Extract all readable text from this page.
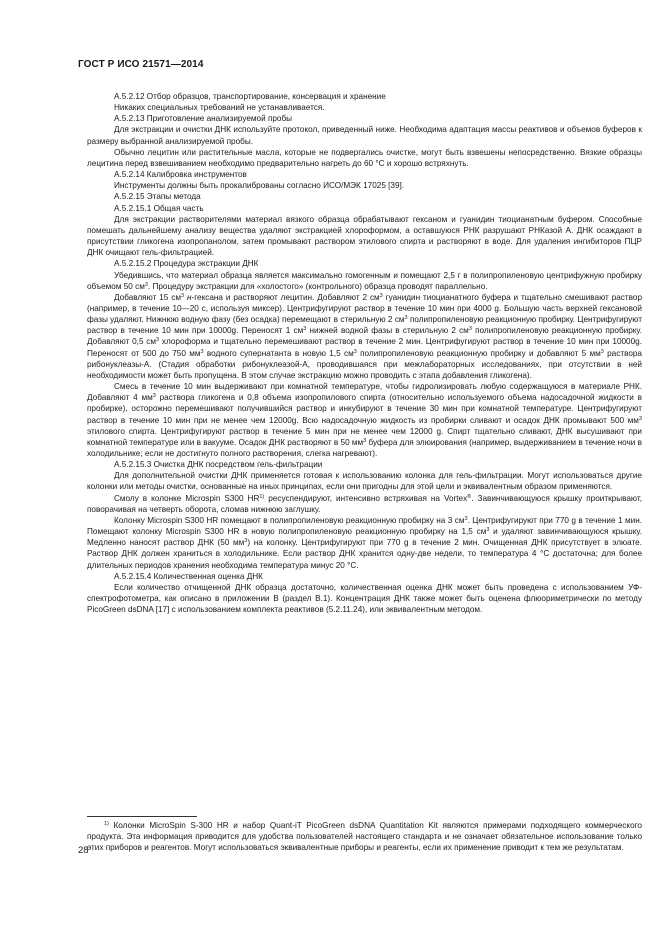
ГОСТ Р ИСО 21571—2014

А.5.2.12 Отбор образцов, транспортирование, консервация и хранение

Никаких специальных требований не устанавливается.

А.5.2.13 Приготовление анализируемой пробы

Для экстракции и очистки ДНК используйте протокол, приведенный ниже. Необходима адаптация массы реактивов и объемов буферов к размеру выбранной анализируемой пробы.

Обычно лецитин или растительные масла, которые не подвергались очистке, могут быть взвешены непосредственно. Вязкие образцы лецитина перед взвешиванием необходимо предварительно нагреть до 60 °С и хорошо встряхнуть.

А.5.2.14 Калибровка инструментов

Инструменты должны быть прокалиброваны согласно ИСО/МЭК 17025 [39].

А.5.2.15 Этапы метода

А.5.2.15.1 Общая часть

Для экстракции растворителями материал вязкого образца обрабатывают гексаном и гуанидин тиоцианатным буфером. Способные помешать дальнейшему анализу вещества удаляют экстракцией хлороформом, а оставшуюся РНК разрушают РНКазой А. ДНК осаждают в присутствии гликогена изопропанолом, затем промывают раствором этилового спирта и растворяют в воде. Для удаления ингибиторов ПЦР ДНК очищают гель-фильтрацией.

А.5.2.15.2 Процедура экстракции ДНК

Убедившись, что материал образца является максимально гомогенным и помещают 2,5 г в полипропиленовую центрифужную пробирку объемом 50 $см^3$. Процедуру экстракции для «холостого» (контрольного) образца проводят параллельно.

Добавляют 15 $см^3$ н-гексана и растворяют лецитин. Добавляют 2 $см^3$ гуанидин тиоцианатного буфера и тщательно смешивают раствор (например, в течение 10—20 с, используя миксер). Центрифугируют раствор в течение 10 мин при 4000 g. Большую часть верхней гексановой фазы удаляют. Нижнюю водную фазу (без осадка) перемещают в стерильную 2 $см^3$ полипропиленовую реакционную пробирку. Центрифугируют раствор в течение 10 мин при 10000g. Переносят 1 $см^3$ нижней водной фазы в стерильную 2 $см^3$ полипропиленовую реакционную пробирку. Добавляют 0,5 $см^3$ хлороформа и тщательно перемешивают раствор в течение 2 мин. Центрифугируют раствор в течение 10 мин при 10000g. Переносят от 500 до 750 $мм^3$ водного супернатанта в новую 1,5 $см^3$ полипропиленовую реакционную пробирку и добавляют 5 $мм^3$ раствора рибонуклеазы-А. (Стадия обработки рибонуклеазой-А, проводившаяся при межлабораторных исследованиях, при отсутствии в ней необходимости может быть пропущена. В этом случае экстракцию можно проводить с этапа добавления гликогена).

Смесь в течение 10 мин выдерживают при комнатной температуре, чтобы гидролизировать любую содержащуюся в материале РНК. Добавляют 4 $мм^3$ раствора гликогена и 0,8 объема изопропилового спирта (относительно используемого объема надосадочной жидкости в пробирке), осторожно перемешивают получившийся раствор и инкубируют в течение 30 мин при комнатной температуре. Центрифугируют раствор в течение 10 мин при не менее чем 12000g. Всю надосадочную жидкость из пробирки сливают и осадок ДНК промывают 500 $мм^3$ этилового спирта. Центрифугируют раствор в течение 5 мин при не менее чем 12000 g. Спирт тщательно сливают, ДНК высушивают при комнатной температуре или в вакууме. Осадок ДНК растворяют в 50 $мм^3$ буфера для элюирования (например, выдерживанием в течение ночи в холодильнике; если не достигнуто полного растворения, слегка нагревают).

А.5.2.15.3 Очистка ДНК посредством гель-фильтрации

Для дополнительной очистки ДНК применяется готовая к использованию колонка для гель-фильтрации. Могут использоваться другие колонки или методы очистки, основанные на иных принципах, если они пригодны для этой цели и эквивалентным образом применяются.

Смолу в колонке Microspin S300 HR$^{1)}$ ресуспендируют, интенсивно встряхивая на Vortex®. Завинчивающуюся крышку проиткрывают, поворачивая на четверть оборота, сломав нижнюю заглушку.

Колонку Microspin S300 HR помещают в полипропиленовую реакционную пробирку на 3 $см^3$. Центрифугируют при 770 g в течение 1 мин. Помещают колонку Microspin S300 HR в новую полипропиленовую реакционную пробирку на 1,5 $см^3$ и удаляют завинчивающуюся крышку. Медленно наносят раствор ДНК (50 $мм^3$) на колонку. Центрифугируют при 770 g в течение 2 мин. Очищенная ДНК присутствует в элюате. Раствор ДНК должен храниться в холодильнике. Если раствор ДНК хранится одну-две недели, то температура 4 °С достаточна; для более длительных периодов хранения необходима температура минус 20 °С.

А.5.2.15.4 Количественная оценка ДНК

Если количество отчищенной ДНК образца достаточно, количественная оценка ДНК может быть проведена с использованием УФ-спектрофотометра, как описано в приложении В (раздел В.1). Концентрация ДНК также может быть оценена флюориметрически по методу PicoGreen dsDNA [17] с использованием комплекта реактивов (5.2.11.24), или эквивалентным методом.

$^{1)}$ Колонки MicroSpin S-300 HR и набор Quant-iT PicoGreen dsDNA Quantitation Kit являются примерами подходящего коммерческого продукта. Эта информация приводится для удобства пользователей настоящего стандарта и не означает обязательное использование только этих приборов и реагентов. Могут использоваться эквивалентные приборы и реагенты, если их применение приводит к тем же результатам.

28
